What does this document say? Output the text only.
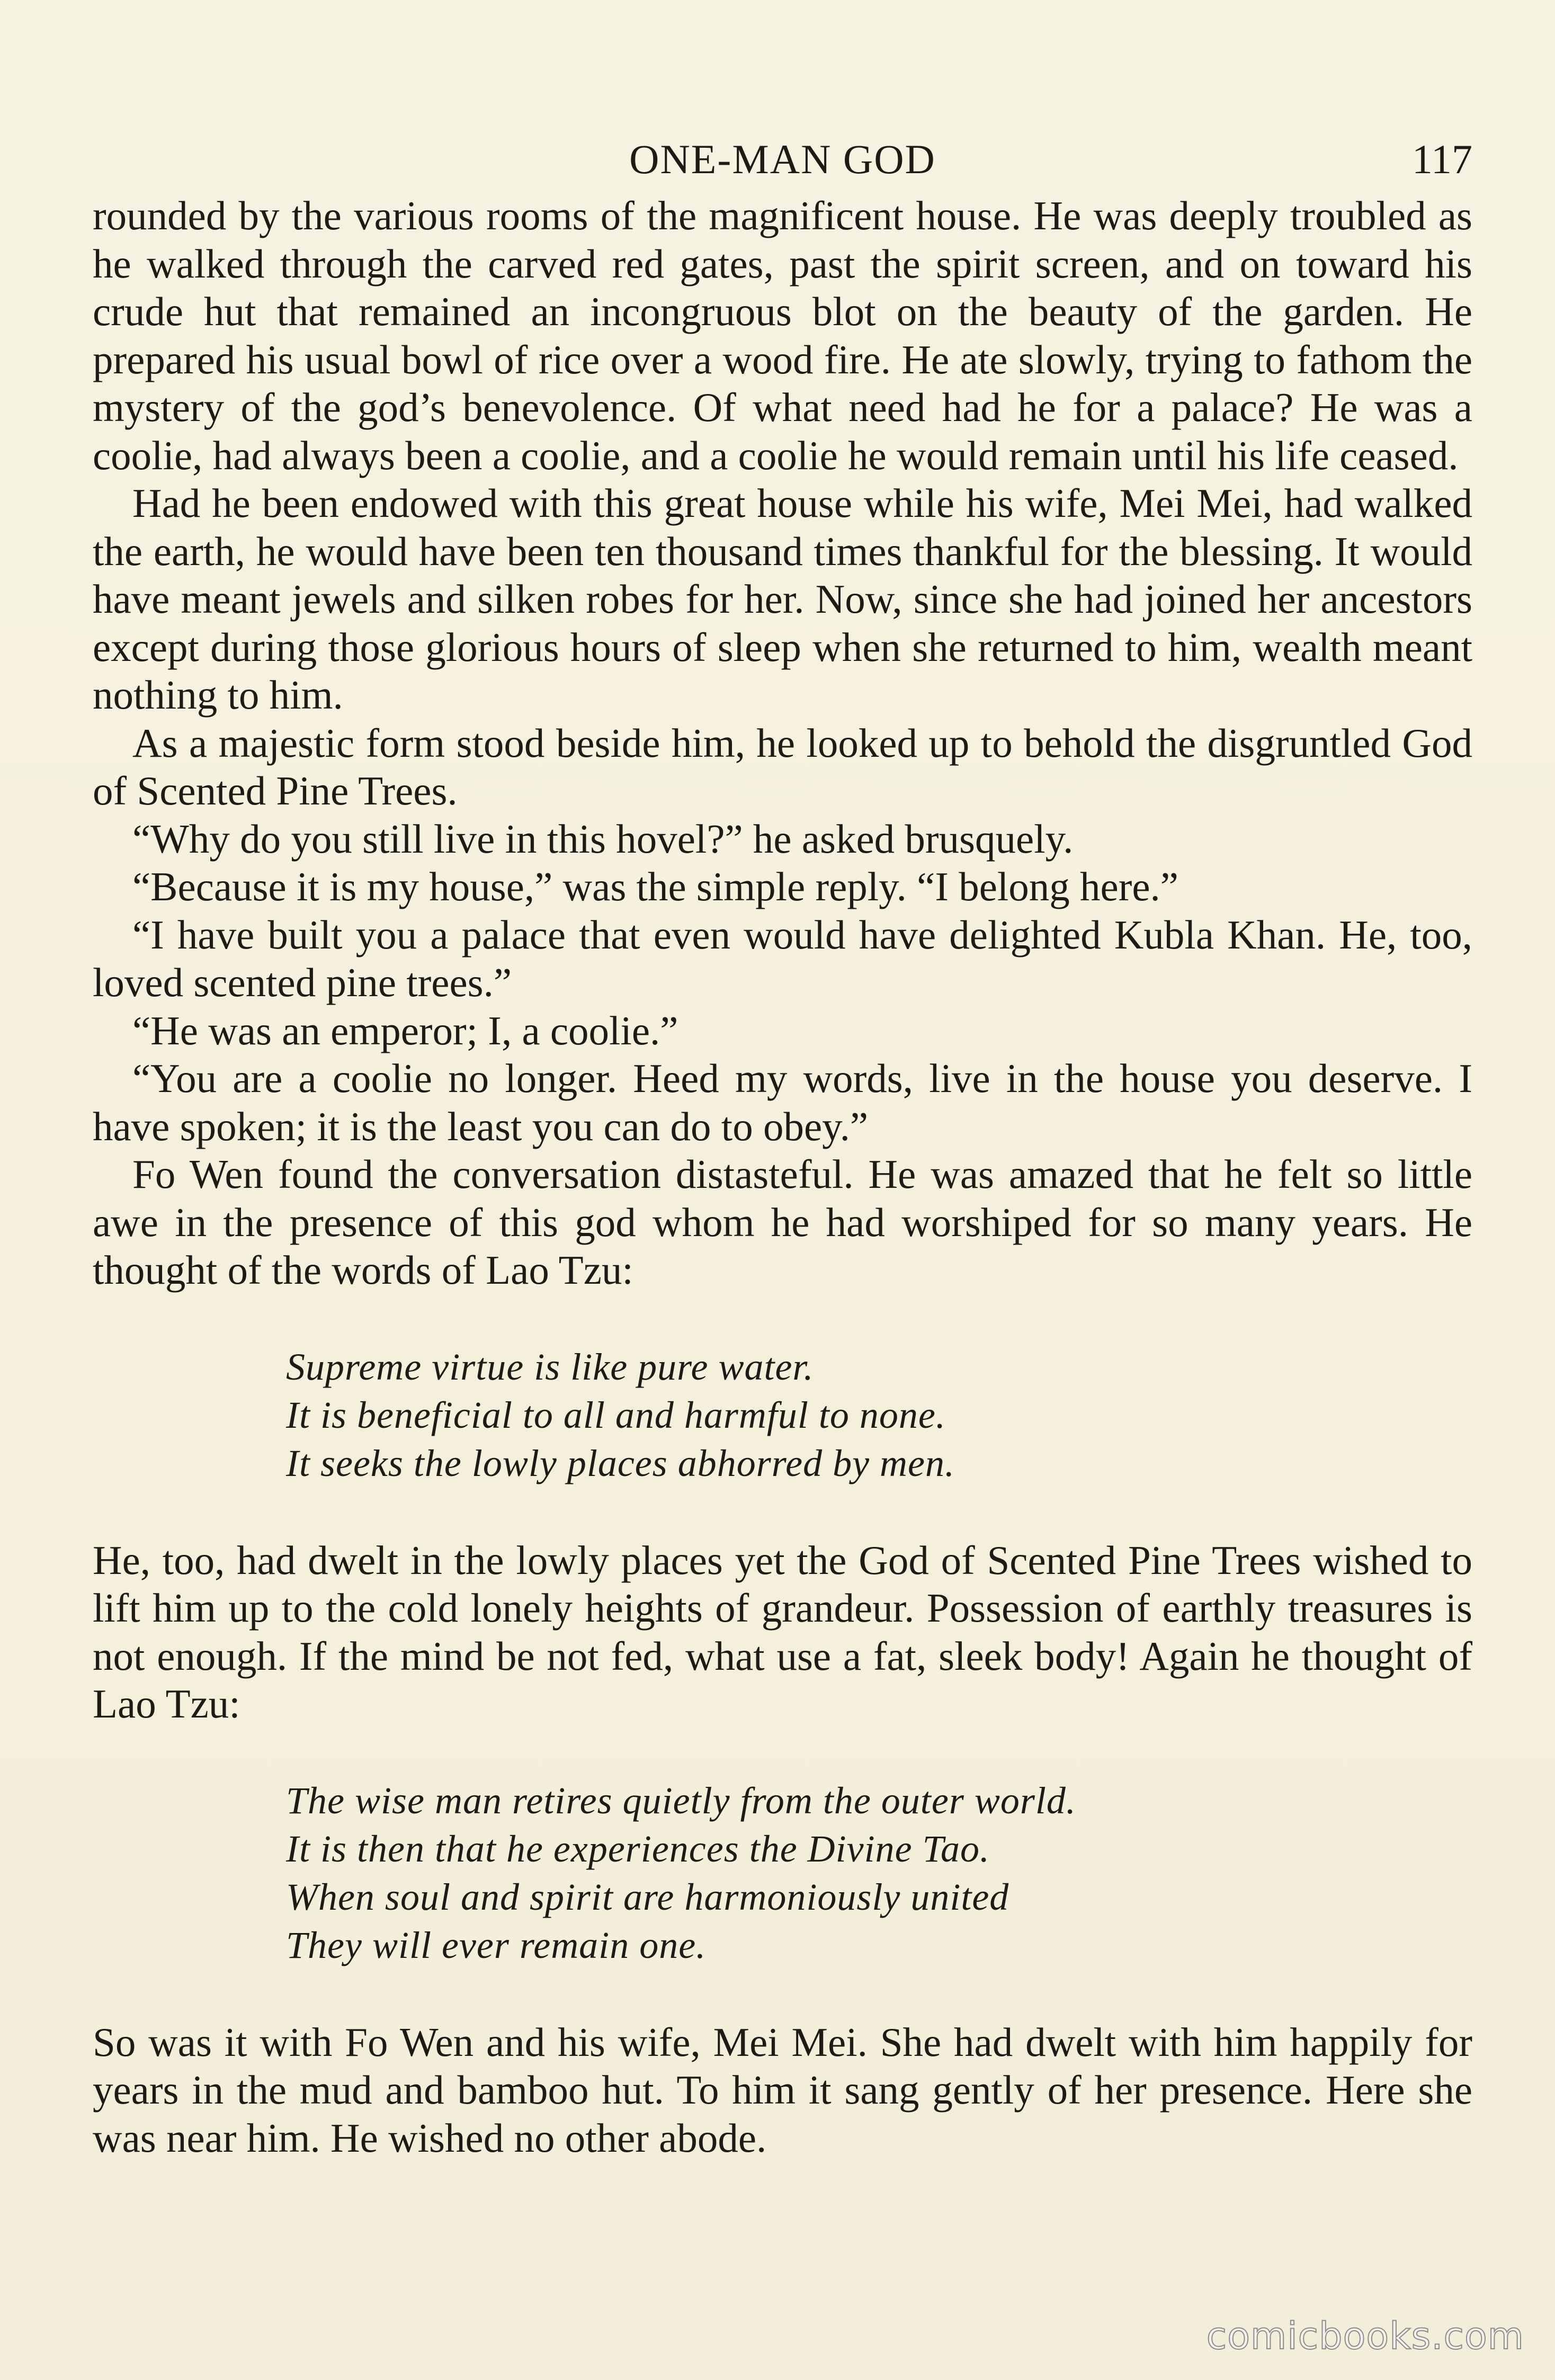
ONE-MAN GOD	117

rounded by the various rooms of the magnificent house. He was deeply troubled as he walked through the carved red gates, past the spirit screen, and on toward his crude hut that remained an incongruous blot on the beauty of the garden. He prepared his usual bowl of rice over a wood fire. He ate slowly, trying to fathom the mystery of the god’s benevolence. Of what need had he for a palace? He was a coolie, had always been a coolie, and a coolie he would remain until his life ceased.

Had he been endowed with this great house while his wife, Mei Mei, had walked the earth, he would have been ten thousand times thankful for the blessing. It would have meant jewels and silken robes for her. Now, since she had joined her ancestors except during those glorious hours of sleep when she returned to him, wealth meant nothing to him.

As a majestic form stood beside him, he looked up to behold the disgruntled God of Scented Pine Trees.

“Why do you still live in this hovel?” he asked brusquely.

“Because it is my house,” was the simple reply. “I belong here.”

“I have built you a palace that even would have delighted Kubla Khan. He, too, loved scented pine trees.”

“He was an emperor; I, a coolie.”

“You are a coolie no longer. Heed my words, live in the house you deserve. I have spoken; it is the least you can do to obey.”

Fo Wen found the conversation distasteful. He was amazed that he felt so little awe in the presence of this god whom he had worshiped for so many years. He thought of the words of Lao Tzu:

Supreme virtue is like pure water.
It is beneficial to all and harmful to none.
It seeks the lowly places abhorred by men.

He, too, had dwelt in the lowly places yet the God of Scented Pine Trees wished to lift him up to the cold lonely heights of grandeur. Possession of earthly treasures is not enough. If the mind be not fed, what use a fat, sleek body! Again he thought of Lao Tzu:

The wise man retires quietly from the outer world.
It is then that he experiences the Divine Tao.
When soul and spirit are harmoniously united
They will ever remain one.

So was it with Fo Wen and his wife, Mei Mei. She had dwelt with him happily for years in the mud and bamboo hut. To him it sang gently of her presence. Here she was near him. He wished no other abode.

comicbooks.com
